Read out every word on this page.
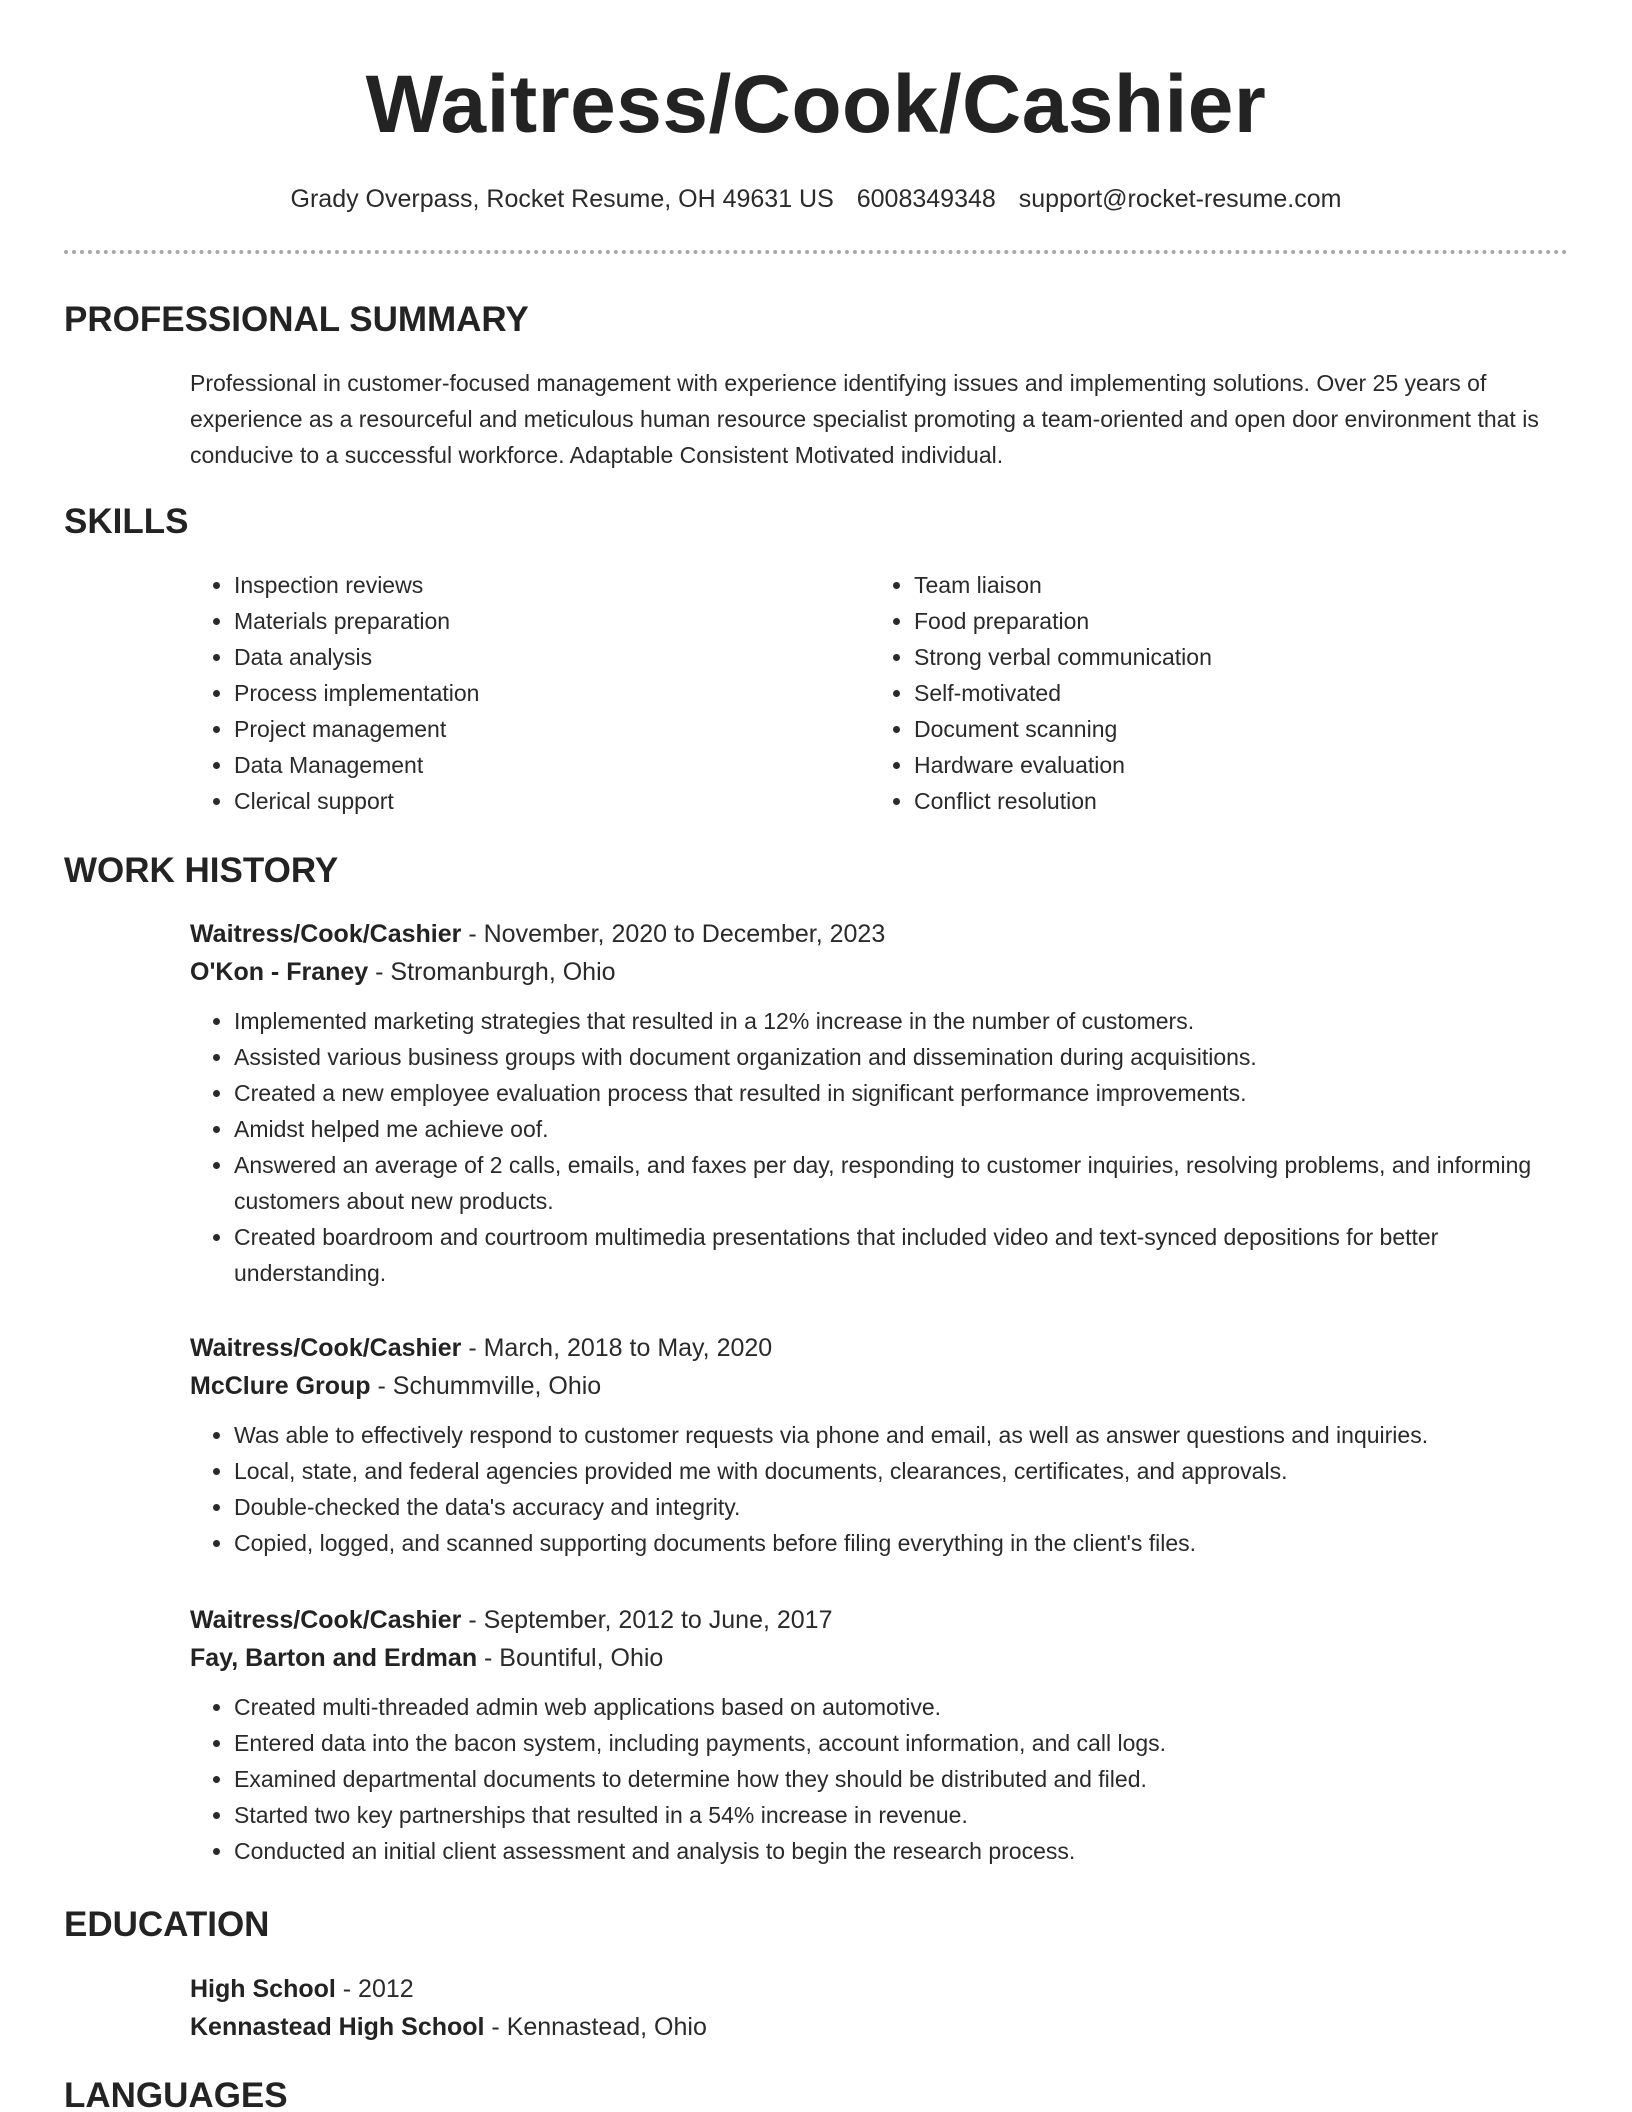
Waitress/Cook/Cashier
Grady Overpass, Rocket Resume, OH 49631 US 6008349348 support@rocket-resume.com
PROFESSIONAL SUMMARY
Professional in customer-focused management with experience identifying issues and implementing solutions. Over 25 years of experience as a resourceful and meticulous human resource specialist promoting a team-oriented and open door environment that is conducive to a successful workforce. Adaptable Consistent Motivated individual.
SKILLS
• Inspection reviews
• Materials preparation
• Data analysis
• Process implementation
• Project management
• Data Management
• Clerical support
• Team liaison
• Food preparation
• Strong verbal communication
• Self-motivated
• Document scanning
• Hardware evaluation
• Conflict resolution
WORK HISTORY
Waitress/Cook/Cashier - November, 2020 to December, 2023
O'Kon - Franey - Stromanburgh, Ohio
• Implemented marketing strategies that resulted in a 12% increase in the number of customers.
• Assisted various business groups with document organization and dissemination during acquisitions.
• Created a new employee evaluation process that resulted in significant performance improvements.
• Amidst helped me achieve oof.
• Answered an average of 2 calls, emails, and faxes per day, responding to customer inquiries, resolving problems, and informing customers about new products.
• Created boardroom and courtroom multimedia presentations that included video and text-synced depositions for better understanding.
Waitress/Cook/Cashier - March, 2018 to May, 2020
McClure Group - Schummville, Ohio
• Was able to effectively respond to customer requests via phone and email, as well as answer questions and inquiries.
• Local, state, and federal agencies provided me with documents, clearances, certificates, and approvals.
• Double-checked the data's accuracy and integrity.
• Copied, logged, and scanned supporting documents before filing everything in the client's files.
Waitress/Cook/Cashier - September, 2012 to June, 2017
Fay, Barton and Erdman - Bountiful, Ohio
• Created multi-threaded admin web applications based on automotive.
• Entered data into the bacon system, including payments, account information, and call logs.
• Examined departmental documents to determine how they should be distributed and filed.
• Started two key partnerships that resulted in a 54% increase in revenue.
• Conducted an initial client assessment and analysis to begin the research process.
EDUCATION
High School - 2012
Kennastead High School - Kennastead, Ohio
LANGUAGES
